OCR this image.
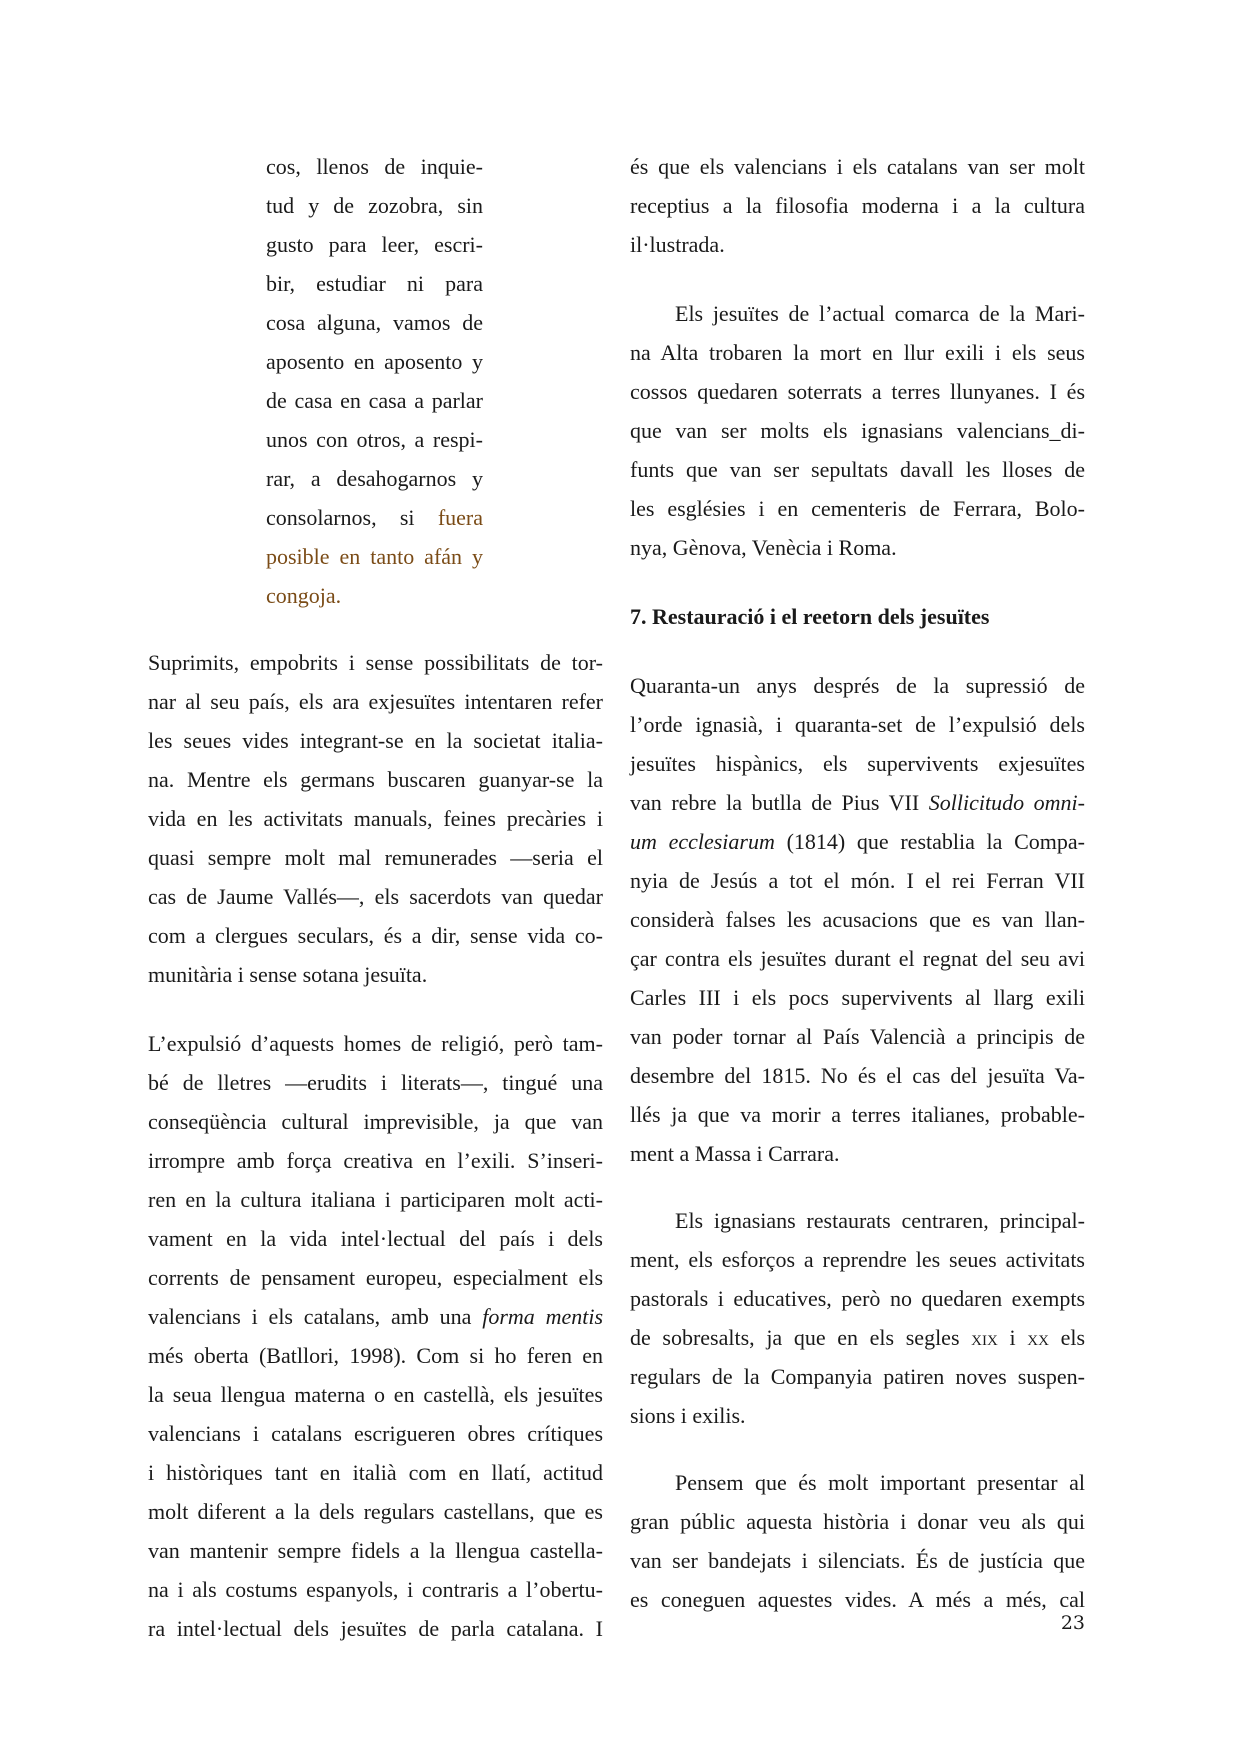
cos, llenos de inquie-
tud y de zozobra, sin
gusto para leer, escri-
bir, estudiar ni para
cosa alguna, vamos de
aposento en aposento y
de casa en casa a parlar
unos con otros, a respi-
rar, a desahogarnos y
consolarnos, si fuera
posible en tanto afán y
congoja.
Suprimits, empobrits i sense possibilitats de tor-
nar al seu país, els ara exjesuïtes intentaren refer
les seues vides integrant-se en la societat italia-
na. Mentre els germans buscaren guanyar-se la
vida en les activitats manuals, feines precàries i
quasi sempre molt mal remunerades —seria el
cas de Jaume Vallés—, els sacerdots van quedar
com a clergues seculars, és a dir, sense vida co-
munitària i sense sotana jesuïta.
L’expulsió d’aquests homes de religió, però tam-
bé de lletres —erudits i literats—, tingué una
conseqüència cultural imprevisible, ja que van
irrompre amb força creativa en l’exili. S’inseri-
ren en la cultura italiana i participaren molt acti-
vament en la vida intel·lectual del país i dels
corrents de pensament europeu, especialment els
valencians i els catalans, amb una forma mentis
més oberta (Batllori, 1998). Com si ho feren en
la seua llengua materna o en castellà, els jesuïtes
valencians i catalans escrigueren obres crítiques
i històriques tant en italià com en llatí, actitud
molt diferent a la dels regulars castellans, que es
van mantenir sempre fidels a la llengua castella-
na i als costums espanyols, i contraris a l’obertu-
ra intel·lectual dels jesuïtes de parla catalana. I
és que els valencians i els catalans van ser molt
receptius a la filosofia moderna i a la cultura
il·lustrada.
Els jesuïtes de l’actual comarca de la Mari-
na Alta trobaren la mort en llur exili i els seus
cossos quedaren soterrats a terres llunyanes. I és
que van ser molts els ignasians valencians_di-
funts que van ser sepultats davall les lloses de
les esglésies i en cementeris de Ferrara, Bolo-
nya, Gènova, Venècia i Roma.
7. Restauració i el reetorn dels jesuïtes
Quaranta-un anys després de la supressió de
l’orde ignasià, i quaranta-set de l’expulsió dels
jesuïtes hispànics, els supervivents exjesuïtes
van rebre la butlla de Pius VII Sollicitudo omni-
um ecclesiarum (1814) que restablia la Compa-
nyia de Jesús a tot el món. I el rei Ferran VII
considerà falses les acusacions que es van llan-
çar contra els jesuïtes durant el regnat del seu avi
Carles III i els pocs supervivents al llarg exili
van poder tornar al País Valencià a principis de
desembre del 1815. No és el cas del jesuïta Va-
llés ja que va morir a terres italianes, probable-
ment a Massa i Carrara.
Els ignasians restaurats centraren, principal-
ment, els esforços a reprendre les seues activitats
pastorals i educatives, però no quedaren exempts
de sobresalts, ja que en els segles xix i xx els
regulars de la Companyia patiren noves suspen-
sions i exilis.
Pensem que és molt important presentar al
gran públic aquesta història i donar veu als qui
van ser bandejats i silenciats. És de justícia que
es coneguen aquestes vides. A més a més, cal
23
